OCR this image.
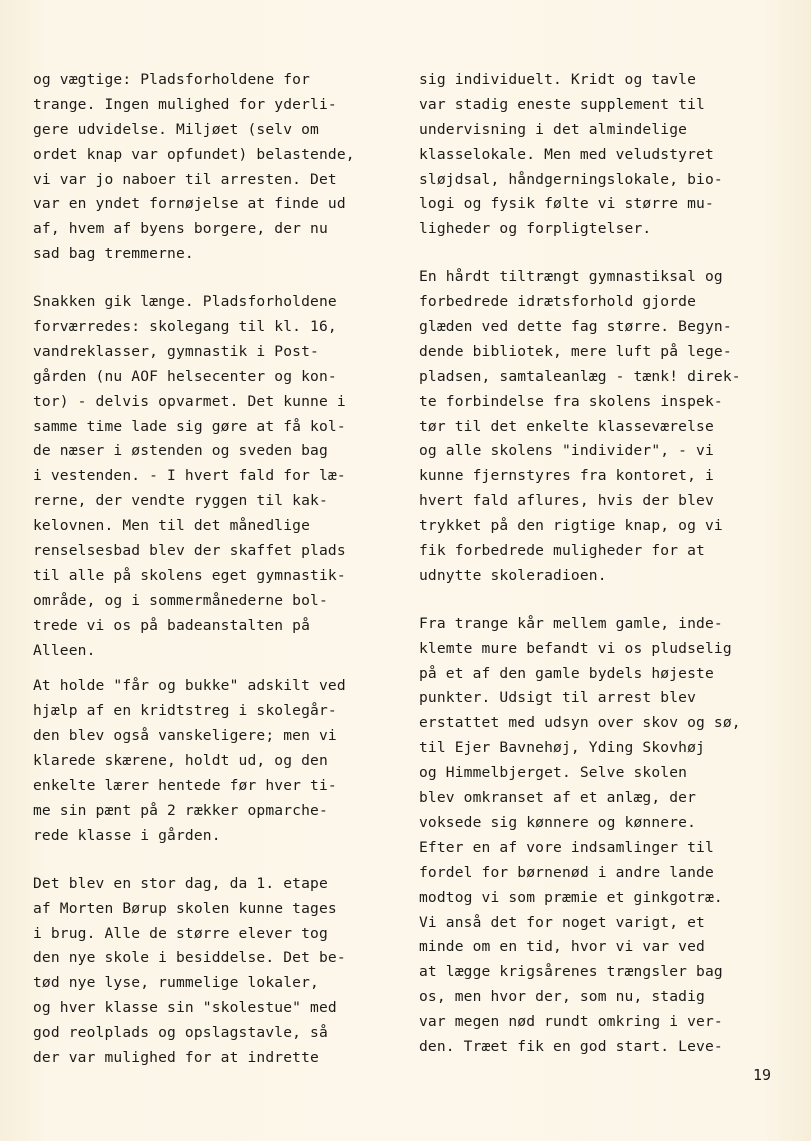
og vægtige: Pladsforholdene for
trange. Ingen mulighed for yderli-
gere udvidelse. Miljøet (selv om
ordet knap var opfundet) belastende,
vi var jo naboer til arresten. Det
var en yndet fornøjelse at finde ud
af, hvem af byens borgere, der nu
sad bag tremmerne.
Snakken gik længe. Pladsforholdene
forværredes: skolegang til kl. 16,
vandreklasser, gymnastik i Post-
gården (nu AOF helsecenter og kon-
tor) - delvis opvarmet. Det kunne i
samme time lade sig gøre at få kol-
de næser i østenden og sveden bag
i vestenden. - I hvert fald for læ-
rerne, der vendte ryggen til kak-
kelovnen. Men til det månedlige
renselsesbad blev der skaffet plads
til alle på skolens eget gymnastik-
område, og i sommermånederne bol-
trede vi os på badeanstalten på
Alleen.
At holde "får og bukke" adskilt ved
hjælp af en kridtstreg i skolegår-
den blev også vanskeligere; men vi
klarede skærene, holdt ud, og den
enkelte lærer hentede før hver ti-
me sin pænt på 2 rækker opmarche-
rede klasse i gården.
Det blev en stor dag, da 1. etape
af Morten Børup skolen kunne tages
i brug. Alle de større elever tog
den nye skole i besiddelse. Det be-
tød nye lyse, rummelige lokaler,
og hver klasse sin "skolestue" med
god reolplads og opslagstavle, så
der var mulighed for at indrette
sig individuelt. Kridt og tavle
var stadig eneste supplement til
undervisning i det almindelige
klasselokale. Men med veludstyret
sløjdsal, håndgerningslokale, bio-
logi og fysik følte vi større mu-
ligheder og forpligtelser.
En hårdt tiltrængt gymnastiksal og
forbedrede idrætsforhold gjorde
glæden ved dette fag større. Begyn-
dende bibliotek, mere luft på lege-
pladsen, samtaleanlæg - tænk! direk-
te forbindelse fra skolens inspek-
tør til det enkelte klasseværelse
og alle skolens "individer", - vi
kunne fjernstyres fra kontoret, i
hvert fald aflures, hvis der blev
trykket på den rigtige knap, og vi
fik forbedrede muligheder for at
udnytte skoleradioen.
Fra trange kår mellem gamle, inde-
klemte mure befandt vi os pludselig
på et af den gamle bydels højeste
punkter. Udsigt til arrest blev
erstattet med udsyn over skov og sø,
til Ejer Bavnehøj, Yding Skovhøj
og Himmelbjerget. Selve skolen
blev omkranset af et anlæg, der
voksede sig kønnere og kønnere.
Efter en af vore indsamlinger til
fordel for børnenød i andre lande
modtog vi som præmie et ginkgotræ.
Vi anså det for noget varigt, et
minde om en tid, hvor vi var ved
at lægge krigsårenes trængsler bag
os, men hvor der, som nu, stadig
var megen nød rundt omkring i ver-
den. Træet fik en god start. Leve-
19
